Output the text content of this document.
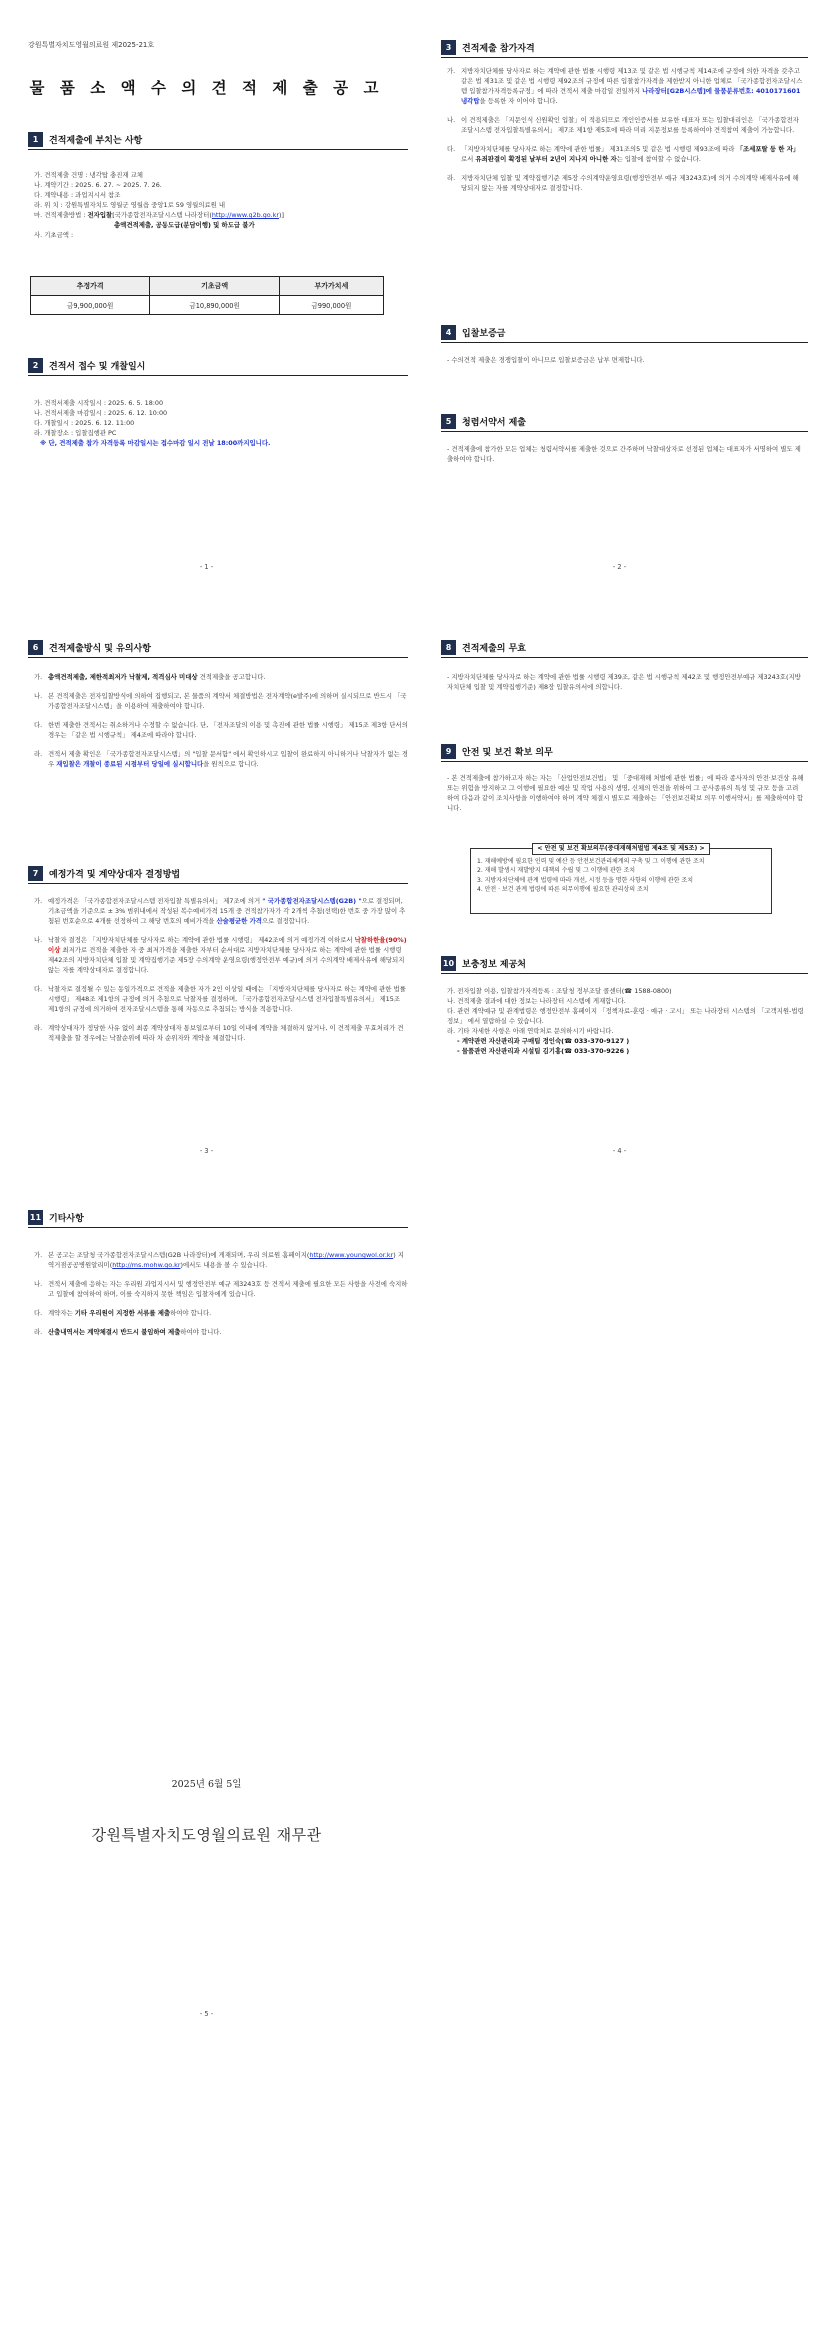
강원특별자치도영월의료원 제2025-21호
물 품 소 액 수 의 견 적 제 출 공 고
1	견적제출에 부치는 사항

가. 견적제출 건명 : 냉각탑 충진재 교체

나. 계약기간 : 2025. 6. 27. ~ 2025. 7. 26.

다. 계약내용 : 과업지시서 참조

라. 위 치 : 강원특별자치도 영월군 영월읍 중앙1로 59 영월의료원 내

마. 견적제출방법 : 전자입찰[국가종합전자조달시스템 나라장터(http://www.g2b.go.kr)]

총액견적제출, 공동도급(분담이행) 및 하도급 불가

사. 기초금액 :

추정가격	기초금액	부가가치세
금9,900,000원	금10,890,000원	금990,000원
2	견적서 접수 및 개찰일시

가. 견적서제출 시작일시 : 2025. 6. 5. 18:00

나. 견적서제출 마감일시 : 2025. 6. 12. 10:00

다. 개찰일시 : 2025. 6. 12. 11:00

라. 개찰장소 : 입찰집행관 PC

※ 단, 견적제출 참가 자격등록 마감일시는 접수마감 일시 전날 18:00까지입니다.

- 1 -
3	견적제출 참가자격
가. 지방자치단체를 당사자로 하는 계약에 관한 법률 시행령 제13조 및 같은 법 시행규칙 제14조에 규정에 의한 자격을 갖추고 같은 법 제31조 및 같은 법 시행령 제92조의 규정에 따른 입찰참가자격을 제한받지 아니한 업체로 「국가종합전자조달시스템 입찰참가자격등록규정」에 따라 견적서 제출 마감일 전일까지 나라장터[G2B시스템]에 물품분류번호: 4010171601 냉각탑을 등록한 자 이어야 합니다.
나. 이 견적제출은 「지문인식 신원확인 입찰」이 적용되므로 개인인증서를 보유한 대표자 또는 입찰대리인은 「국가종합전자조달시스템 전자입찰특별유의서」 제7조 제1항 제5호에 따라 미리 지문정보를 등록하여야 견적참여 제출이 가능합니다.
다. 「지방자치단체를 당사자로 하는 계약에 관한 법률」 제31조의5 및 같은 법 시행령 제93조에 따라 「조세포탈 등 한 자」로서 유죄판결이 확정된 날부터 2년이 지나지 아니한 자는 입찰에 참여할 수 없습니다.
라. 지방자치단체 입찰 및 계약집행기준 제5장 수의계약운영요령(행정안전부 예규 제3243호)에 의거 수의계약 배제사유에 해당되지 않는 자를 계약상대자로 결정합니다.
4	입찰보증금

- 수의견적 제출은 경쟁입찰이 아니므로 입찰보증금은 납부 면제합니다.

5	청렴서약서 제출

- 견적제출에 참가한 모든 업체는 청렴서약서를 제출한 것으로 간주하며 낙찰대상자로 선정된 업체는 대표자가 서명하여 별도 제출하여야 합니다.

- 2 -
6	견적제출방식 및 유의사항
가. 총액견적제출, 제한적최저가 낙찰제, 적격심사 미대상 견적제출을 공고합니다.
나. 본 견적제출은 전자입찰방식에 의하여 집행되고, 본 물품의 계약서 체결방법은 전자계약(e발주)에 의하며 실시되므로 반드시 「국가종합전자조달시스템」을 이용하여 제출하여야 합니다.
다. 한번 제출한 견적서는 취소하거나 수정할 수 없습니다. 단, 「전자조달의 이용 및 촉진에 관한 법률 시행령」 제15조 제3항 단서의 경우는 「같은 법 시행규칙」 제4조에 따라야 합니다.
라. 견적서 제출 확인은 「국가종합전자조달시스템」의 "입찰 문서함" 에서 확인하시고 입찰이 완료하지 아니하거나 낙찰자가 없는 경우 재입찰은 개찰이 종료된 시점부터 당일에 실시합니다을 원칙으로 합니다.
7	예정가격 및 계약상대자 결정방법
가. 예정가격은 「국가종합전자조달시스템 전자입찰 특별유의서」 제7조에 의거 " 국가종합전자조달시스템(G2B) "으로 결정되며, 기초금액을 기준으로 ± 3% 범위내에서 작성된 복수예비가격 15개 중 견적참가자가 각 2개씩 추첨(선택)한 번호 중 가장 많이 추첨된 번호순으로 4개를 선정하여 그 해당 번호의 예비가격을 산술평균한 가격으로 결정합니다.
나. 낙찰자 결정은 「지방자치단체를 당사자로 하는 계약에 관한 법률 시행령」 제42조에 의거 예정가격 이하로서 낙찰하한율(90%)이상 최저가로 견적을 제출한 자 중 최저가격을 제출한 자부터 순서대로 지방자치단체를 당사자로 하는 계약에 관한 법률 시행령 제42조의 지방자치단체 입찰 및 계약집행기준 제5장 수의계약 운영요령(행정안전부 예규)에 의거 수의계약 배제사유에 해당되지 않는 자를 계약상대자로 결정합니다.
다. 낙찰자로 결정될 수 있는 동일가격으로 견적을 제출한 자가 2인 이상일 때에는 「지방자치단체를 당사자로 하는 계약에 관한 법률 시행령」 제48조 제1항의 규정에 의거 추첨으로 낙찰자를 결정하며, 「국가종합전자조달시스템 전자입찰특별유의서」 제15조 제1항의 규정에 의거하여 전자조달시스템을 통해 자동으로 추첨되는 방식을 적용합니다.
라. 계약상대자가 정당한 사유 없이 최종 계약상대자 통보일로부터 10일 이내에 계약을 체결하지 않거나, 이 견적제출 무효처리가 견적제출을 할 경우에는 낙찰순위에 따라 차 순위자와 계약을 체결합니다.
- 3 -
8	견적제출의 무효

- 지방자치단체를 당사자로 하는 계약에 관한 법률 시행령 제39조, 같은 법 시행규칙 제42조 및 행정안전부예규 제3243호(지방자치단체 입찰 및 계약집행기준) 제8장 입찰유의서에 의합니다.

9	안전 및 보건 확보 의무

- 본 견적제출에 참가하고자 하는 자는 「산업안전보건법」 및 「중대재해 처벌에 관한 법률」에 따라 종사자의 안전·보건상 유해 또는 위험을 방지하고 그 이행에 필요한 예산 및 작업 사용의 생명, 신체의 안전을 위하여 그 공사종류의 특성 및 규모 등을 고려하여 다음과 같이 조치사항을 이행하여야 하며 계약 체결시 별도로 제출하는 「안전보건확보 의무 이행서약서」를 제출하여야 합니다.

< 안전 및 보건 확보의무(중대재해처벌법 제4조 및 제5조) >
1. 재해예방에 필요한 인력 및 예산 등 안전보건관리체계의 구축 및 그 이행에 관한 조치
2. 재해 발생시 재발방지 대책의 수립 및 그 이행에 관한 조치
3. 지방자치단체에 관계 법령에 따라 개선, 시정 등을 명한 사항의 이행에 관한 조치
4. 안전 · 보건 관계 법령에 따른 의무이행에 필요한 관리상의 조치
10 보충정보 제공처

가. 전자입찰 이용, 입찰참가자격등록 : 조달청 정부조달 콜센터(☎ 1588-0800)

나. 견적제출 결과에 대한 정보는 나라장터 시스템에 게재합니다.

다. 관련 계약예규 및 관계법령은 행정안전부 홈페이지 「정책자료-훈령 · 예규 · 고시」 또는 나라장터 시스템의 「고객지원-법령정보」 에서 열람하실 수 있습니다.

라. 기타 자세한 사항은 아래 연락처로 문의하시기 바랍니다.

- 계약관련 자산관리과 구매팀 정인숙(☎ 033-370-9127 )

- 물품관련 자산관리과 시설팀 김기홍(☎ 033-370-9226 )

- 4 -
11 기타사항
가. 본 공고는 조달청 국가종합전자조달시스템(G2B 나라장터)에 게재되며, 우리 의료원 홈페이지(http://www.youngwol.or.kr) 지역거점공공병원알리미(http://ms.mohw.go.kr)에서도 내용을 볼 수 있습니다.
나. 견적서 제출에 응하는 자는 우리원 과업지시서 및 행정안전부 예규 제3243호 등 견적서 제출에 필요한 모든 사항을 사전에 숙지하고 입찰에 참여하여 하며, 이를 숙지하지 못한 책임은 입찰자에게 있습니다.
다. 계약자는 기타 우리원이 지정한 서류를 제출하여야 합니다.
라. 산출내역서는 계약체결시 반드시 불임하여 제출하여야 합니다.
2025년 6월 5일
강원특별자치도영월의료원 재무관
- 5 -
